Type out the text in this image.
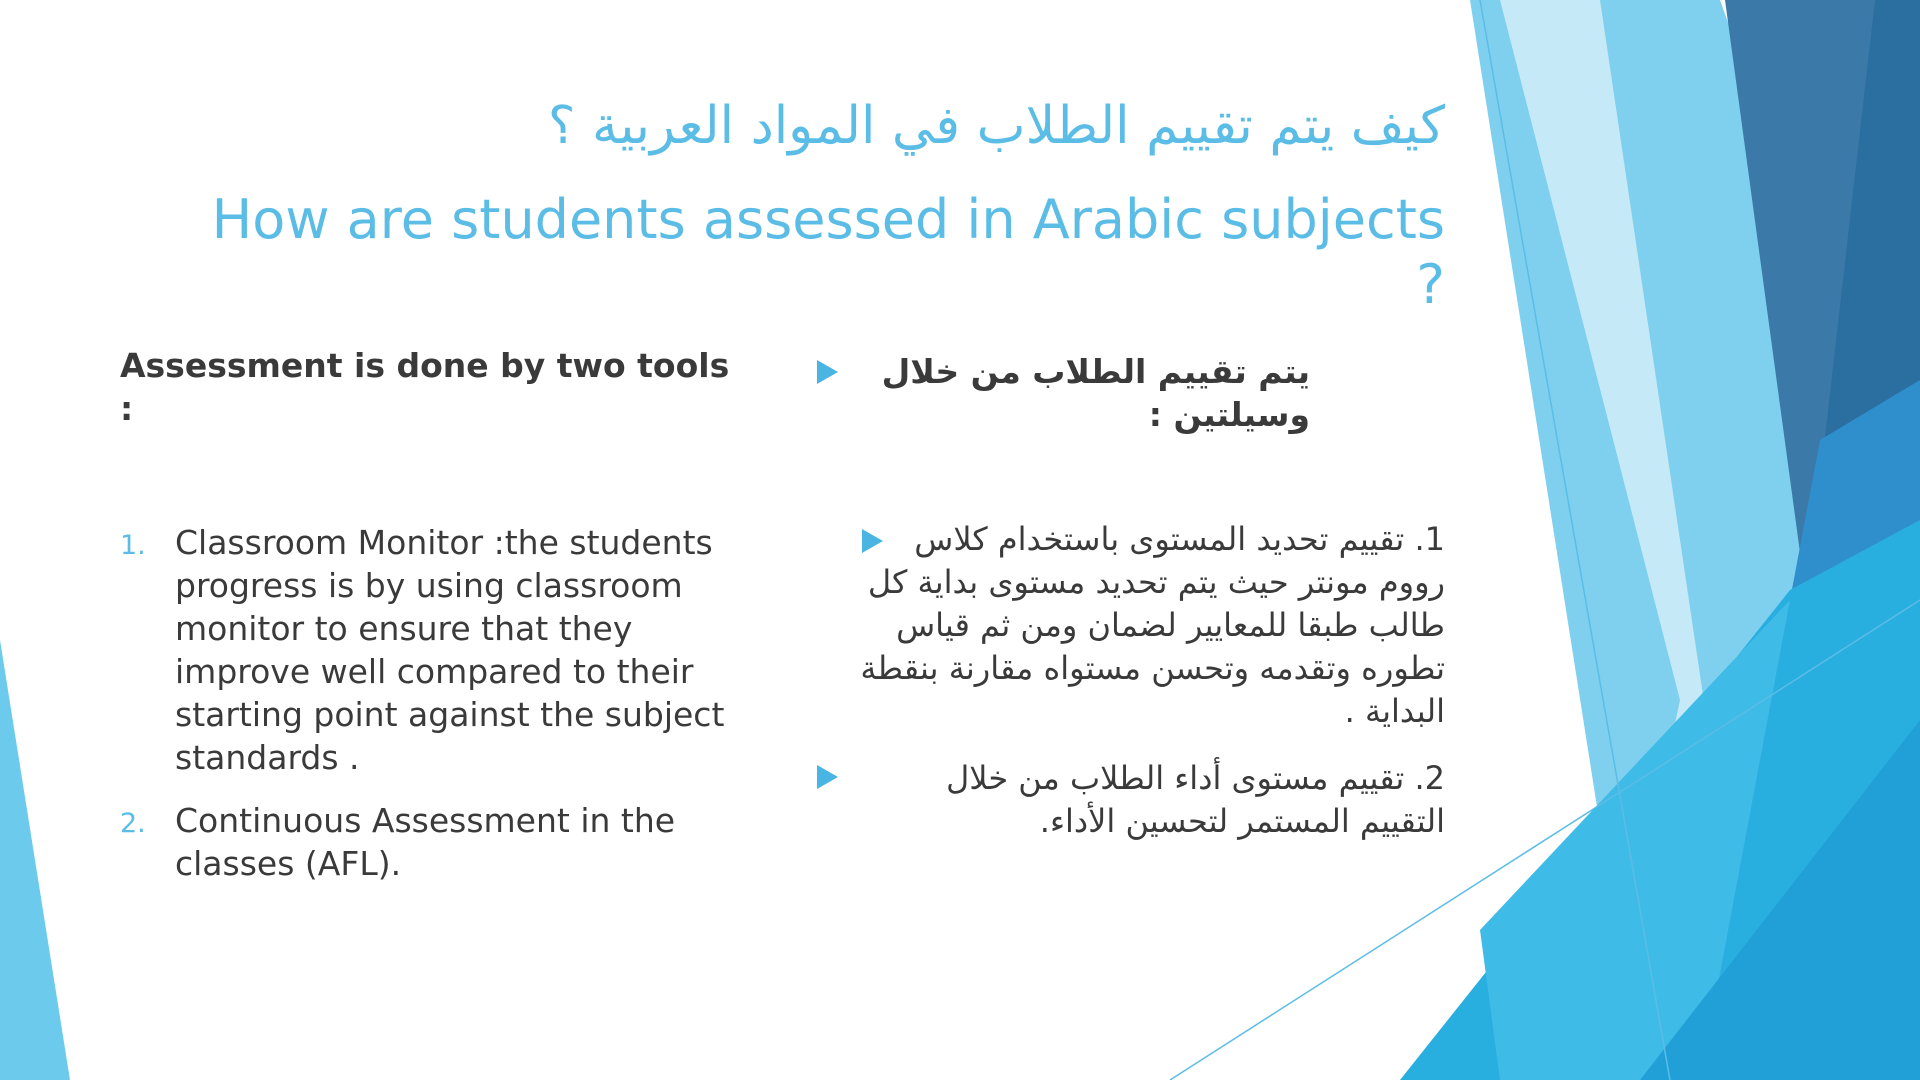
كيف يتم تقييم الطلاب في المواد العربية ؟
How are students assessed in Arabic subjects ?
Assessment is done by two tools :
1. Classroom Monitor :the students progress is by using classroom monitor to ensure that they improve well compared to their starting point against the subject standards .
2. Continuous Assessment in the classes (AFL).
يتم تقييم الطلاب من خلال وسيلتين :
1. تقييم تحديد المستوى باستخدام كلاس رووم مونتر حيث يتم تحديد مستوى بداية كل طالب طبقا للمعايير لضمان ومن ثم قياس تطوره وتقدمه وتحسن مستواه مقارنة بنقطة البداية .
2. تقييم مستوى أداء الطلاب من خلال التقييم المستمر لتحسين الأداء.
